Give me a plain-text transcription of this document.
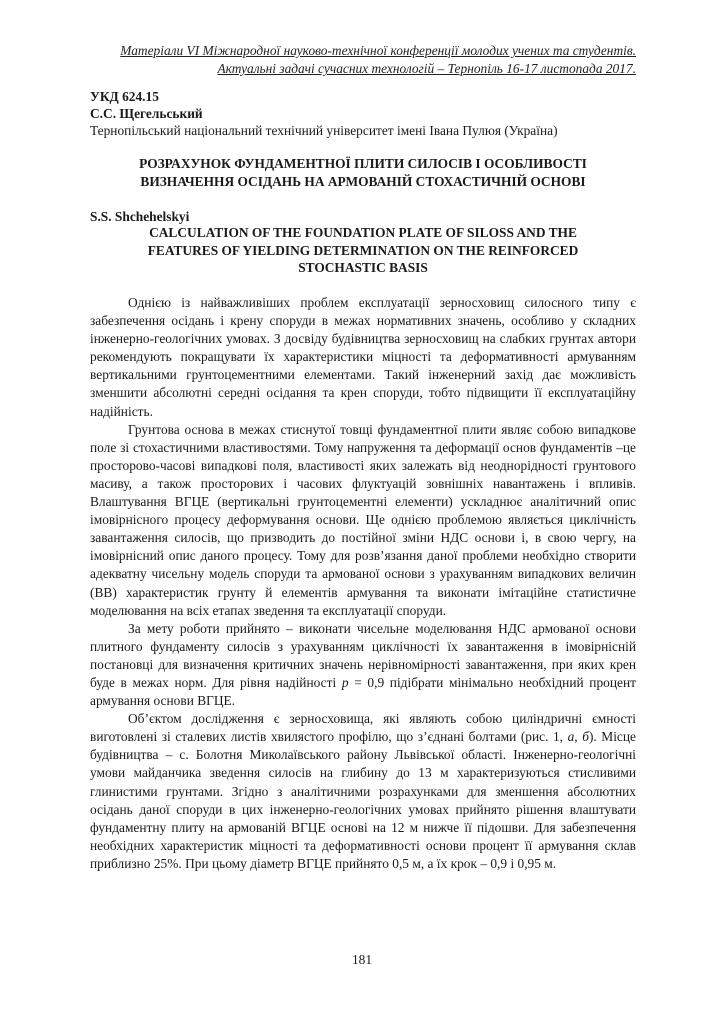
Матеріали VI Міжнародної науково-технічної конференції молодих учених та студентів.
Актуальні задачі сучасних технологій – Тернопіль 16-17 листопада 2017.
УКД 624.15
С.С. Щегельський
Тернопільський національний технічний університет імені Івана Пулюя (Україна)
РОЗРАХУНОК ФУНДАМЕНТНОЇ ПЛИТИ СИЛОСІВ І ОСОБЛИВОСТІ
ВИЗНАЧЕННЯ ОСІДАНЬ НА АРМОВАНІЙ СТОХАСТИЧНІЙ ОСНОВІ
S.S. Shchehelskyi
CALCULATION OF THE FOUNDATION PLATE OF SILOSS AND THE
FEATURES OF YIELDING DETERMINATION ON THE REINFORCED
STOCHASTIC BASIS

Однією із найважливіших проблем експлуатації зерносховищ силосного типу є забезпечення осідань і крену споруди в межах нормативних значень, особливо у складних інженерно-геологічних умовах. З досвіду будівництва зерносховищ на слабких грунтах автори рекомендують покращувати їх характеристики міцності та деформативності армуванням вертикальними грунтоцементними елементами. Такий інженерний захід дає можливість зменшити абсолютні середні осідання та крен споруди, тобто підвищити її експлуатаційну надійність.

Грунтова основа в межах стиснутої товщі фундаментної плити являє собою випадкове поле зі стохастичними властивостями. Тому напруження та деформації основ фундаментів –це просторово-часові випадкові поля, властивості яких залежать від неоднорідності грунтового масиву, а також просторових і часових флуктуацій зовнішніх навантажень і впливів. Влаштування ВГЦЕ (вертикальні грунтоцементні елементи) ускладнює аналітичний опис імовірнісного процесу деформування основи. Ще однією проблемою являється циклічність завантаження силосів, що призводить до постійної зміни НДС основи і, в свою чергу, на імовірнісний опис даного процесу. Тому для розв’язання даної проблеми необхідно створити адекватну чисельну модель споруди та армованої основи з урахуванням випадкових величин (ВВ) характеристик грунту й елементів армування та виконати імітаційне статистичне моделювання на всіх етапах зведення та експлуатації споруди.

За мету роботи прийнято – виконати чисельне моделювання НДС армованої основи плитного фундаменту силосів з урахуванням циклічності їх завантаження в імовірнісній постановці для визначення критичних значень нерівномірності завантаження, при яких крен буде в межах норм. Для рівня надійності p = 0,9 підібрати мінімально необхідний процент армування основи ВГЦЕ.

Об’єктом дослідження є зерносховища, які являють собою циліндричні ємності виготовлені зі сталевих листів хвилястого профілю, що з’єднані болтами (рис. 1, а, б). Місце будівництва – с. Болотня Миколаївського району Львівської області. Інженерно-геологічні умови майданчика зведення силосів на глибину до 13 м характеризуються стисливими глинистими грунтами. Згідно з аналітичними розрахунками для зменшення абсолютних осідань даної споруди в цих інженерно-геологічних умовах прийнято рішення влаштувати фундаментну плиту на армованій ВГЦЕ основі на 12 м нижче її підошви. Для забезпечення необхідних характеристик міцності та деформативності основи процент її армування склав приблизно 25%. При цьому діаметр ВГЦЕ прийнято 0,5 м, а їх крок – 0,9 і 0,95 м.

181
